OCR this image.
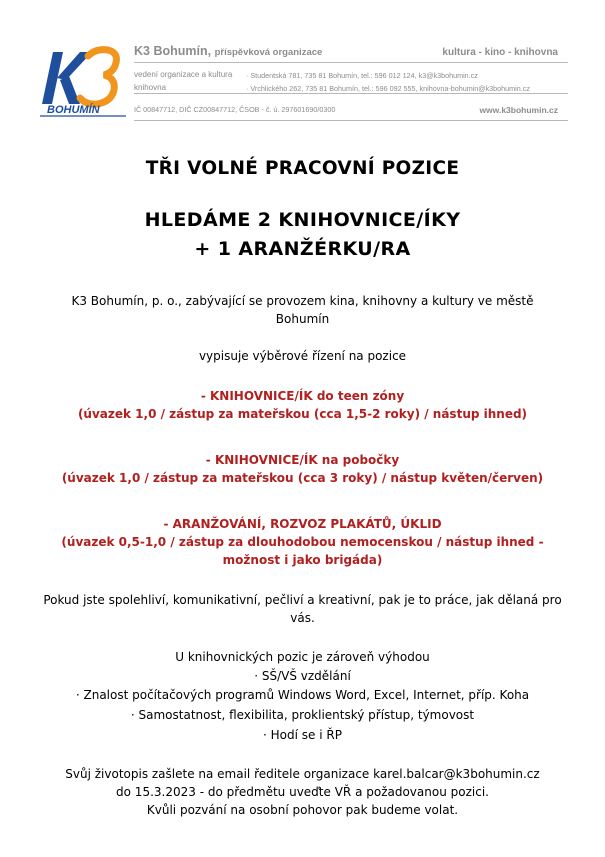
BOHUMÍN
K3 Bohumín, příspěvková organizace	kultura - kino - knihovna
vedení organizace a kultura
knihovna
· Studentská 781, 735 81 Bohumín, tel.: 596 012 124, k3@k3bohumin.cz
· Vrchlického 262, 735 81 Bohumín, tel.: 596 092 555, knihovna-bohumin@k3bohumin.cz
IČ 00847712, DIČ CZ00847712, ČSOB - č. ú. 297601690/0300	www.k3bohumin.cz
TŘI VOLNÉ PRACOVNÍ POZICE
HLEDÁME 2 KNIHOVNICE/ÍKY
+ 1 ARANŽÉRKU/RA
K3 Bohumín, p. o., zabývající se provozem kina, knihovny a kultury ve městě Bohumín
vypisuje výběrové řízení na pozice
- KNIHOVNICE/ÍK do teen zóny
(úvazek 1,0 / zástup za mateřskou (cca 1,5-2 roky) / nástup ihned)
- KNIHOVNICE/ÍK na pobočky
(úvazek 1,0 / zástup za mateřskou (cca 3 roky) / nástup květen/červen)
- ARANŽOVÁNÍ, ROZVOZ PLAKÁTŮ, ÚKLID
(úvazek 0,5-1,0 / zástup za dlouhodobou nemocenskou / nástup ihned - možnost i jako brigáda)
Pokud jste spolehliví, komunikativní, pečliví a kreativní, pak je to práce, jak dělaná pro vás.
U knihovnických pozic je zároveň výhodou
· SŠ/VŠ vzdělání
· Znalost počítačových programů Windows Word, Excel, Internet, příp. Koha
· Samostatnost, flexibilita, proklientský přístup, týmovost
· Hodí se i ŘP
Svůj životopis zašlete na email ředitele organizace karel.balcar@k3bohumin.cz
do 15.3.2023 - do předmětu uveďte VŘ a požadovanou pozici.
Kvůli pozvání na osobní pohovor pak budeme volat.
